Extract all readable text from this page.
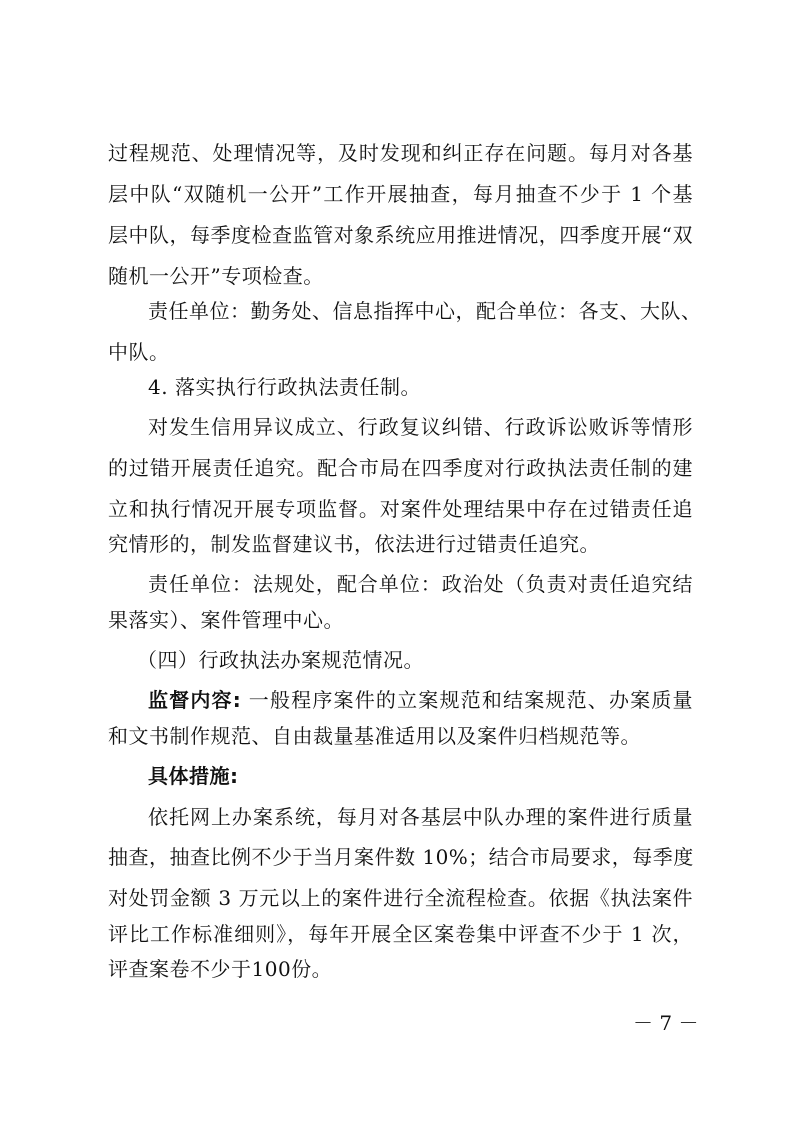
过程规范、处理情况等，及时发现和纠正存在问题。每月对各基
层中队“双随机一公开”工作开展抽查，每月抽查不少于 1 个基
层中队，每季度检查监管对象系统应用推进情况，四季度开展“双
随机一公开”专项检查。
责任单位：勤务处、信息指挥中心，配合单位：各支、大队、
中队。
4. 落实执行行政执法责任制。
对发生信用异议成立、行政复议纠错、行政诉讼败诉等情形
的过错开展责任追究。配合市局在四季度对行政执法责任制的建
立和执行情况开展专项监督。对案件处理结果中存在过错责任追
究情形的，制发监督建议书，依法进行过错责任追究。
责任单位：法规处，配合单位：政治处（负责对责任追究结
果落实）、案件管理中心。
（四）行政执法办案规范情况。
监督内容: 一般程序案件的立案规范和结案规范、办案质量
和文书制作规范、自由裁量基准适用以及案件归档规范等。
具体措施:
依托网上办案系统，每月对各基层中队办理的案件进行质量
抽查，抽查比例不少于当月案件数 10%；结合市局要求，每季度
对处罚金额 3 万元以上的案件进行全流程检查。依据《执法案件
评比工作标准细则》，每年开展全区案卷集中评查不少于 1 次，
评查案卷不少于100份。
－ 7 －
